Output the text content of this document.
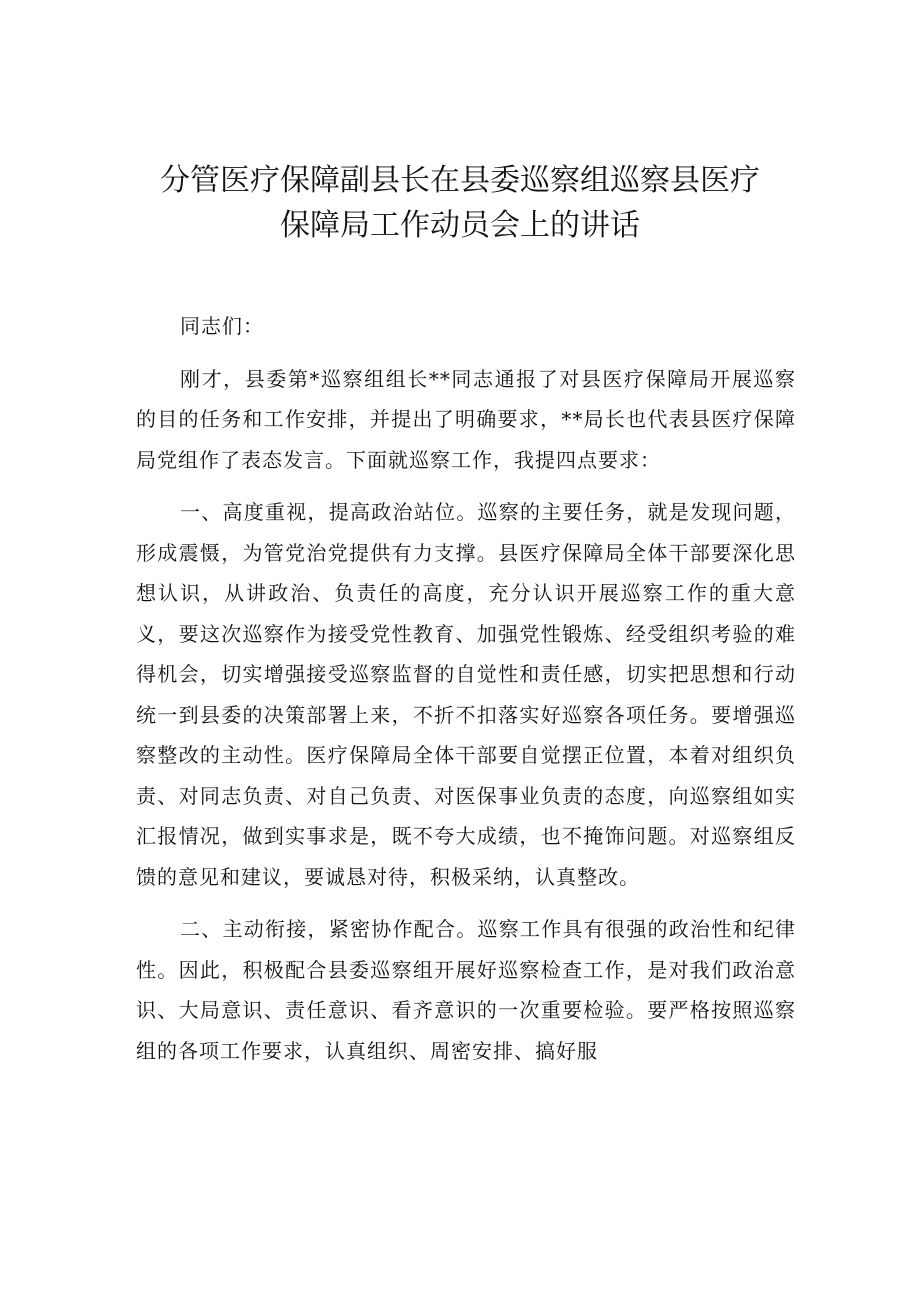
分管医疗保障副县长在县委巡察组巡察县医疗
保障局工作动员会上的讲话

同志们：

刚才，县委第*巡察组组长**同志通报了对县医疗保障局开展巡察的目的任务和工作安排，并提出了明确要求，**局长也代表县医疗保障局党组作了表态发言。下面就巡察工作，我提四点要求：

一、高度重视，提高政治站位。巡察的主要任务，就是发现问题，形成震慑，为管党治党提供有力支撑。县医疗保障局全体干部要深化思想认识，从讲政治、负责任的高度，充分认识开展巡察工作的重大意义，要这次巡察作为接受党性教育、加强党性锻炼、经受组织考验的难得机会，切实增强接受巡察监督的自觉性和责任感，切实把思想和行动统一到县委的决策部署上来，不折不扣落实好巡察各项任务。要增强巡察整改的主动性。医疗保障局全体干部要自觉摆正位置，本着对组织负责、对同志负责、对自己负责、对医保事业负责的态度，向巡察组如实汇报情况，做到实事求是，既不夸大成绩，也不掩饰问题。对巡察组反馈的意见和建议，要诚恳对待，积极采纳，认真整改。

二、主动衔接，紧密协作配合。巡察工作具有很强的政治性和纪律性。因此，积极配合县委巡察组开展好巡察检查工作，是对我们政治意识、大局意识、责任意识、看齐意识的一次重要检验。要严格按照巡察组的各项工作要求，认真组织、周密安排、搞好服
